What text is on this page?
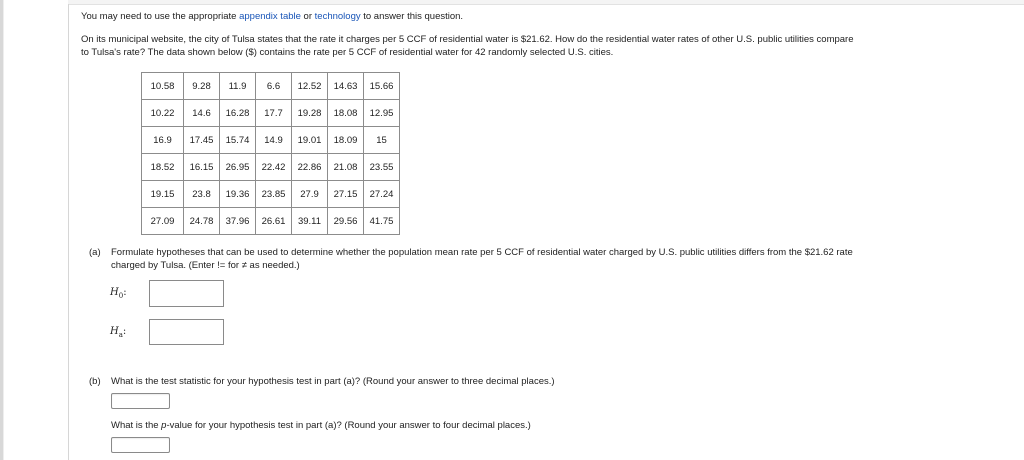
You may need to use the appropriate appendix table or technology to answer this question.

On its municipal website, the city of Tulsa states that the rate it charges per 5 CCF of residential water is $21.62. How do the residential water rates of other U.S. public utilities compare

to Tulsa's rate? The data shown below ($) contains the rate per 5 CCF of residential water for 42 randomly selected U.S. cities.

10.58	9.28	11.9	6.6	12.52	14.63	15.66
10.22	14.6	16.28	17.7	19.28	18.08	12.95
16.9	17.45	15.74	14.9	19.01	18.09	15
18.52	16.15	26.95	22.42	22.86	21.08	23.55
19.15	23.8	19.36	23.85	27.9	27.15	27.24
27.09	24.78	37.96	26.61	39.11	29.56	41.75
(a) Formulate hypotheses that can be used to determine whether the population mean rate per 5 CCF of residential water charged by U.S. public utilities differs from the $21.62 rate

charged by Tulsa. (Enter != for ≠ as needed.)

$H_0$:
$H_a$:
(b) What is the test statistic for your hypothesis test in part (a)? (Round your answer to three decimal places.)

What is the p-value for your hypothesis test in part (a)? (Round your answer to four decimal places.)
